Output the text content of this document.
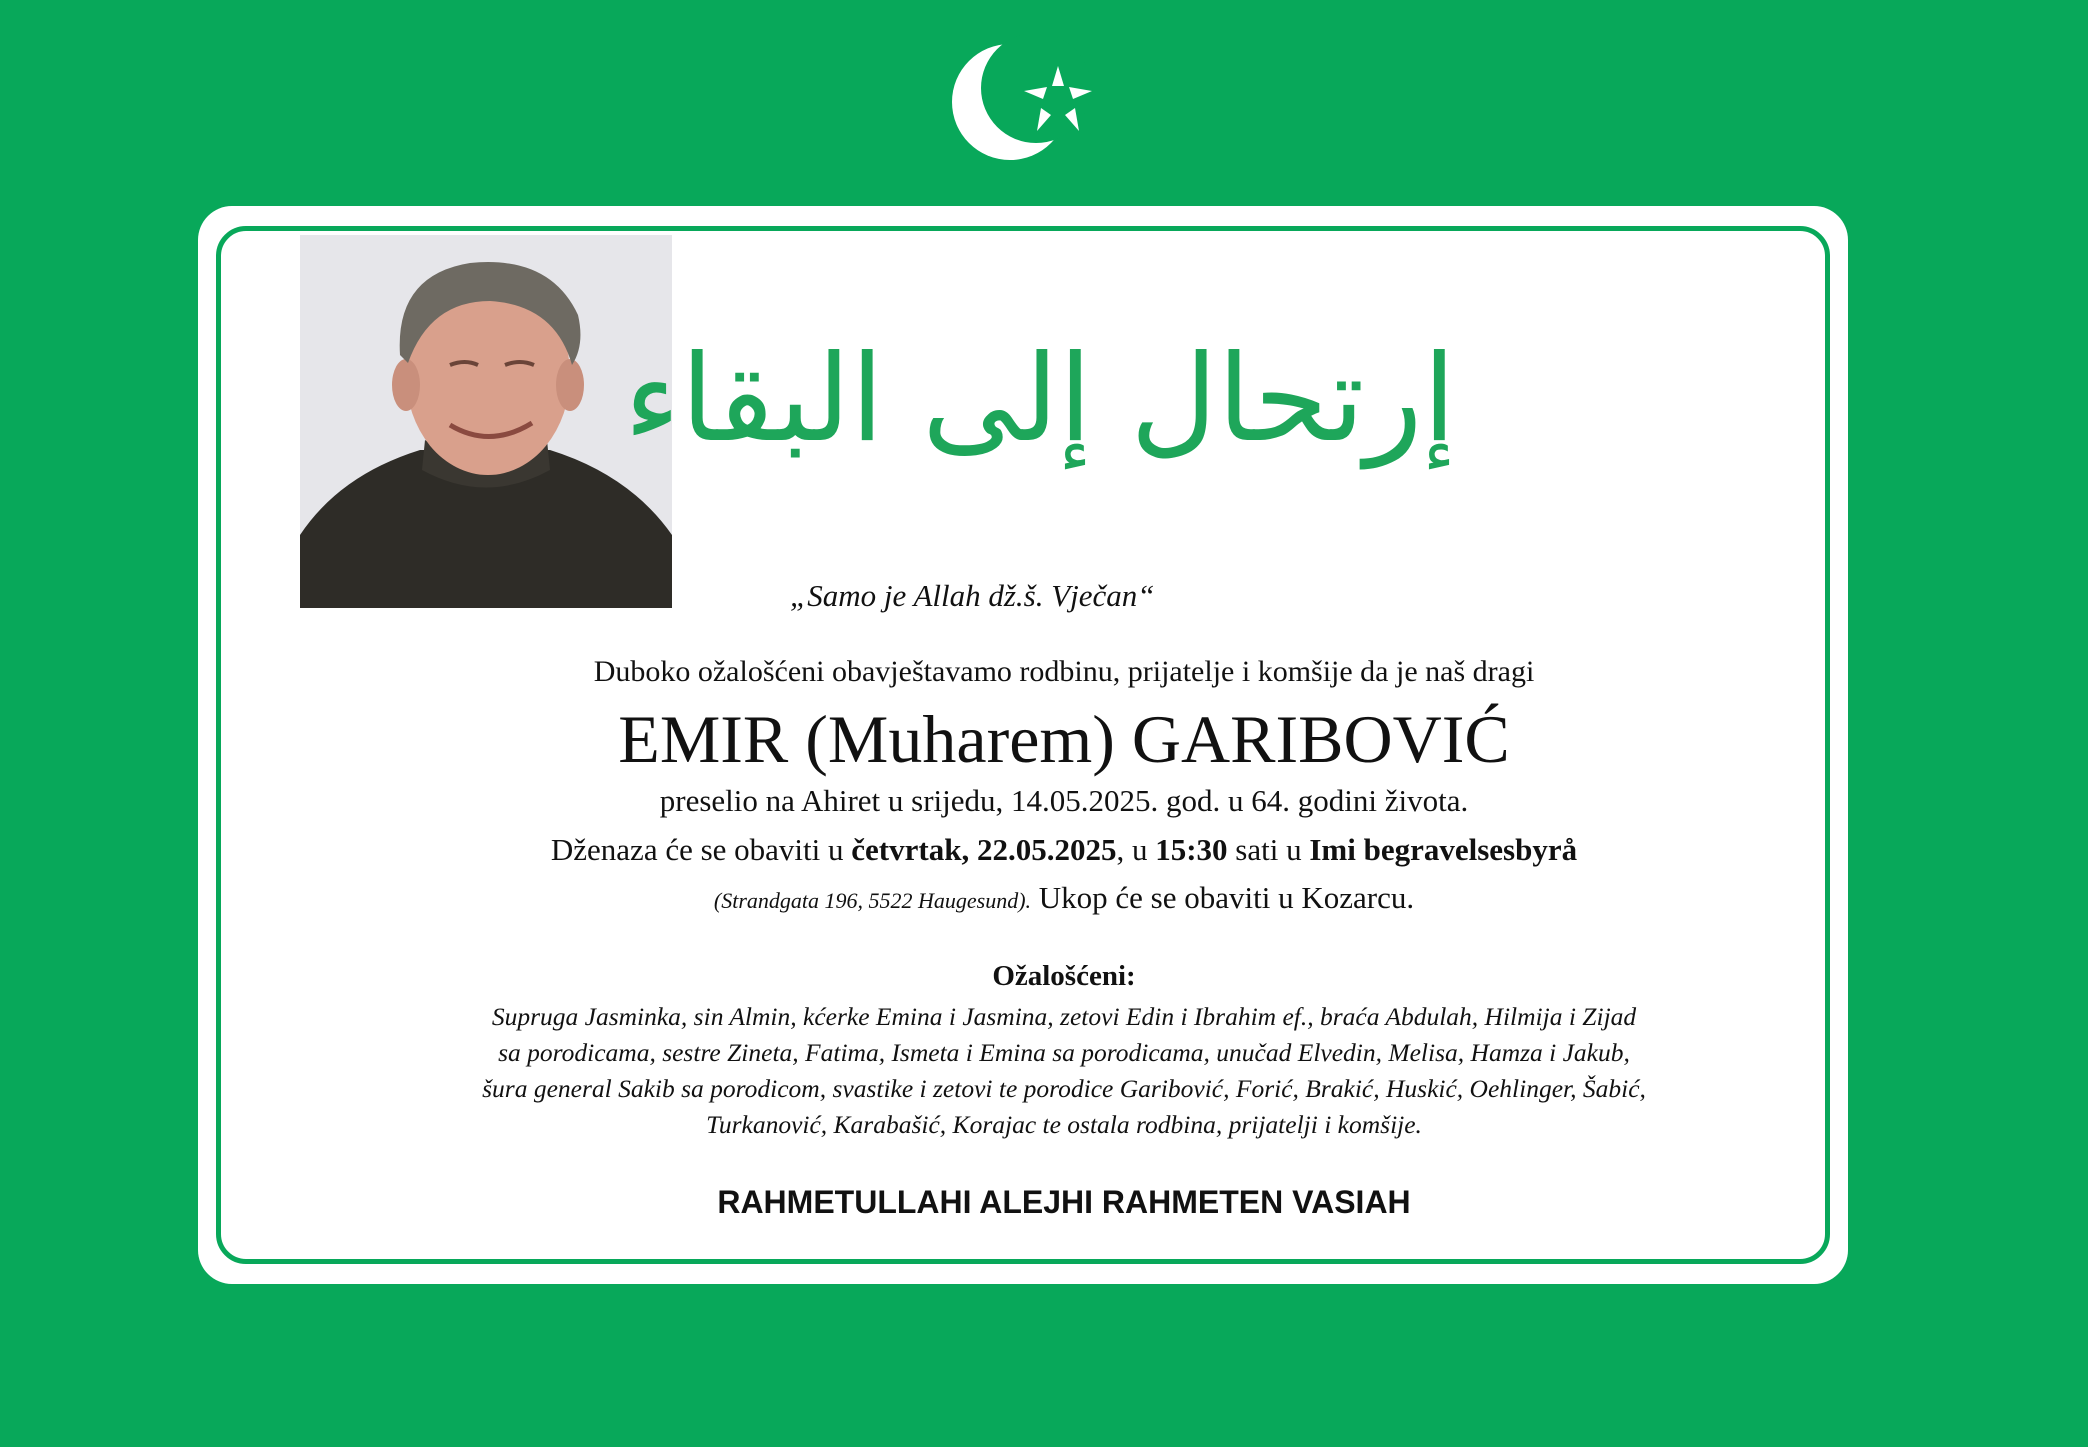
إرتحال إلى البقاء
„Samo je Allah dž.š. Vječan“
Duboko ožalošćeni obavještavamo rodbinu, prijatelje i komšije da je naš dragi
EMIR (Muharem) GARIBOVIĆ
preselio na Ahiret u srijedu, 14.05.2025. god. u 64. godini života.
Dženaza će se obaviti u četvrtak, 22.05.2025, u 15:30 sati u Imi begravelsesbyrå
(Strandgata 196, 5522 Haugesund). Ukop će se obaviti u Kozarcu.
Ožalošćeni:
Supruga Jasminka, sin Almin, kćerke Emina i Jasmina, zetovi Edin i Ibrahim ef., braća Abdulah, Hilmija i Zijad
sa porodicama, sestre Zineta, Fatima, Ismeta i Emina sa porodicama, unučad Elvedin, Melisa, Hamza i Jakub,
šura general Sakib sa porodicom, svastike i zetovi te porodice Garibović, Forić, Brakić, Huskić, Oehlinger, Šabić,
Turkanović, Karabašić, Korajac te ostala rodbina, prijatelji i komšije.
RAHMETULLAHI ALEJHI RAHMETEN VASIAH
